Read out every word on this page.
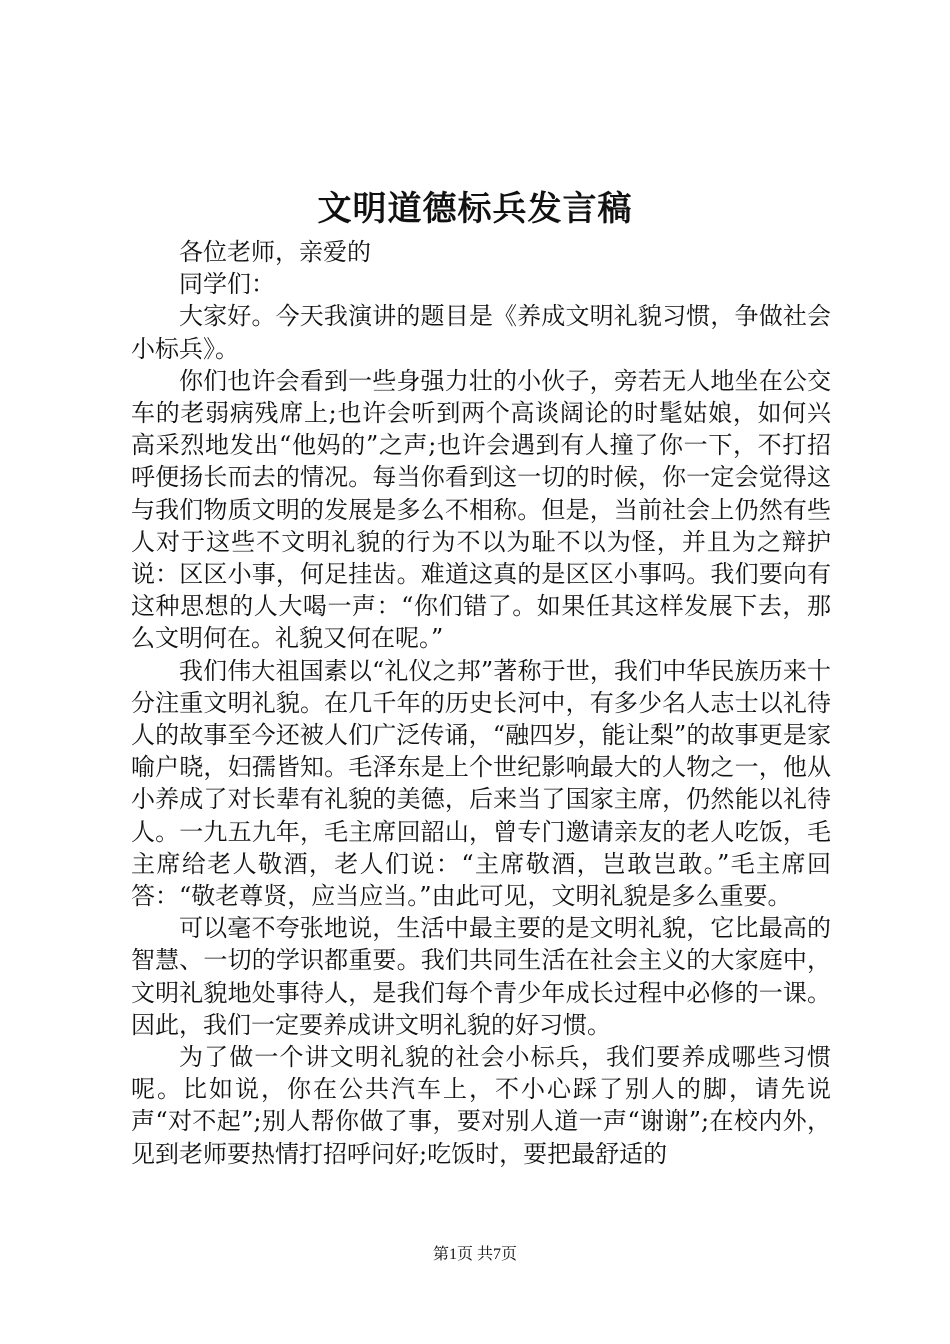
文明道德标兵发言稿

各位老师，亲爱的

同学们：

大家好。今天我演讲的题目是《养成文明礼貌习惯，争做社会小标兵》。

你们也许会看到一些身强力壮的小伙子，旁若无人地坐在公交车的老弱病残席上;也许会听到两个高谈阔论的时髦姑娘，如何兴高采烈地发出“他妈的”之声;也许会遇到有人撞了你一下，不打招呼便扬长而去的情况。每当你看到这一切的时候，你一定会觉得这与我们物质文明的发展是多么不相称。但是，当前社会上仍然有些人对于这些不文明礼貌的行为不以为耻不以为怪，并且为之辩护说：区区小事，何足挂齿。难道这真的是区区小事吗。我们要向有这种思想的人大喝一声：“你们错了。如果任其这样发展下去，那么文明何在。礼貌又何在呢。”

我们伟大祖国素以“礼仪之邦”著称于世，我们中华民族历来十分注重文明礼貌。在几千年的历史长河中，有多少名人志士以礼待人的故事至今还被人们广泛传诵，“融四岁，能让梨”的故事更是家喻户晓，妇孺皆知。毛泽东是上个世纪影响最大的人物之一，他从小养成了对长辈有礼貌的美德，后来当了国家主席，仍然能以礼待人。一九五九年，毛主席回韶山，曾专门邀请亲友的老人吃饭，毛主席给老人敬酒，老人们说：“主席敬酒，岂敢岂敢。”毛主席回答：“敬老尊贤，应当应当。”由此可见，文明礼貌是多么重要。

可以毫不夸张地说，生活中最主要的是文明礼貌，它比最高的智慧、一切的学识都重要。我们共同生活在社会主义的大家庭中，文明礼貌地处事待人，是我们每个青少年成长过程中必修的一课。因此，我们一定要养成讲文明礼貌的好习惯。

为了做一个讲文明礼貌的社会小标兵，我们要养成哪些习惯呢。比如说，你在公共汽车上，不小心踩了别人的脚，请先说声“对不起”;别人帮你做了事，要对别人道一声“谢谢”;在校内外，见到老师要热情打招呼问好;吃饭时，要把最舒适的

第1页 共7页
